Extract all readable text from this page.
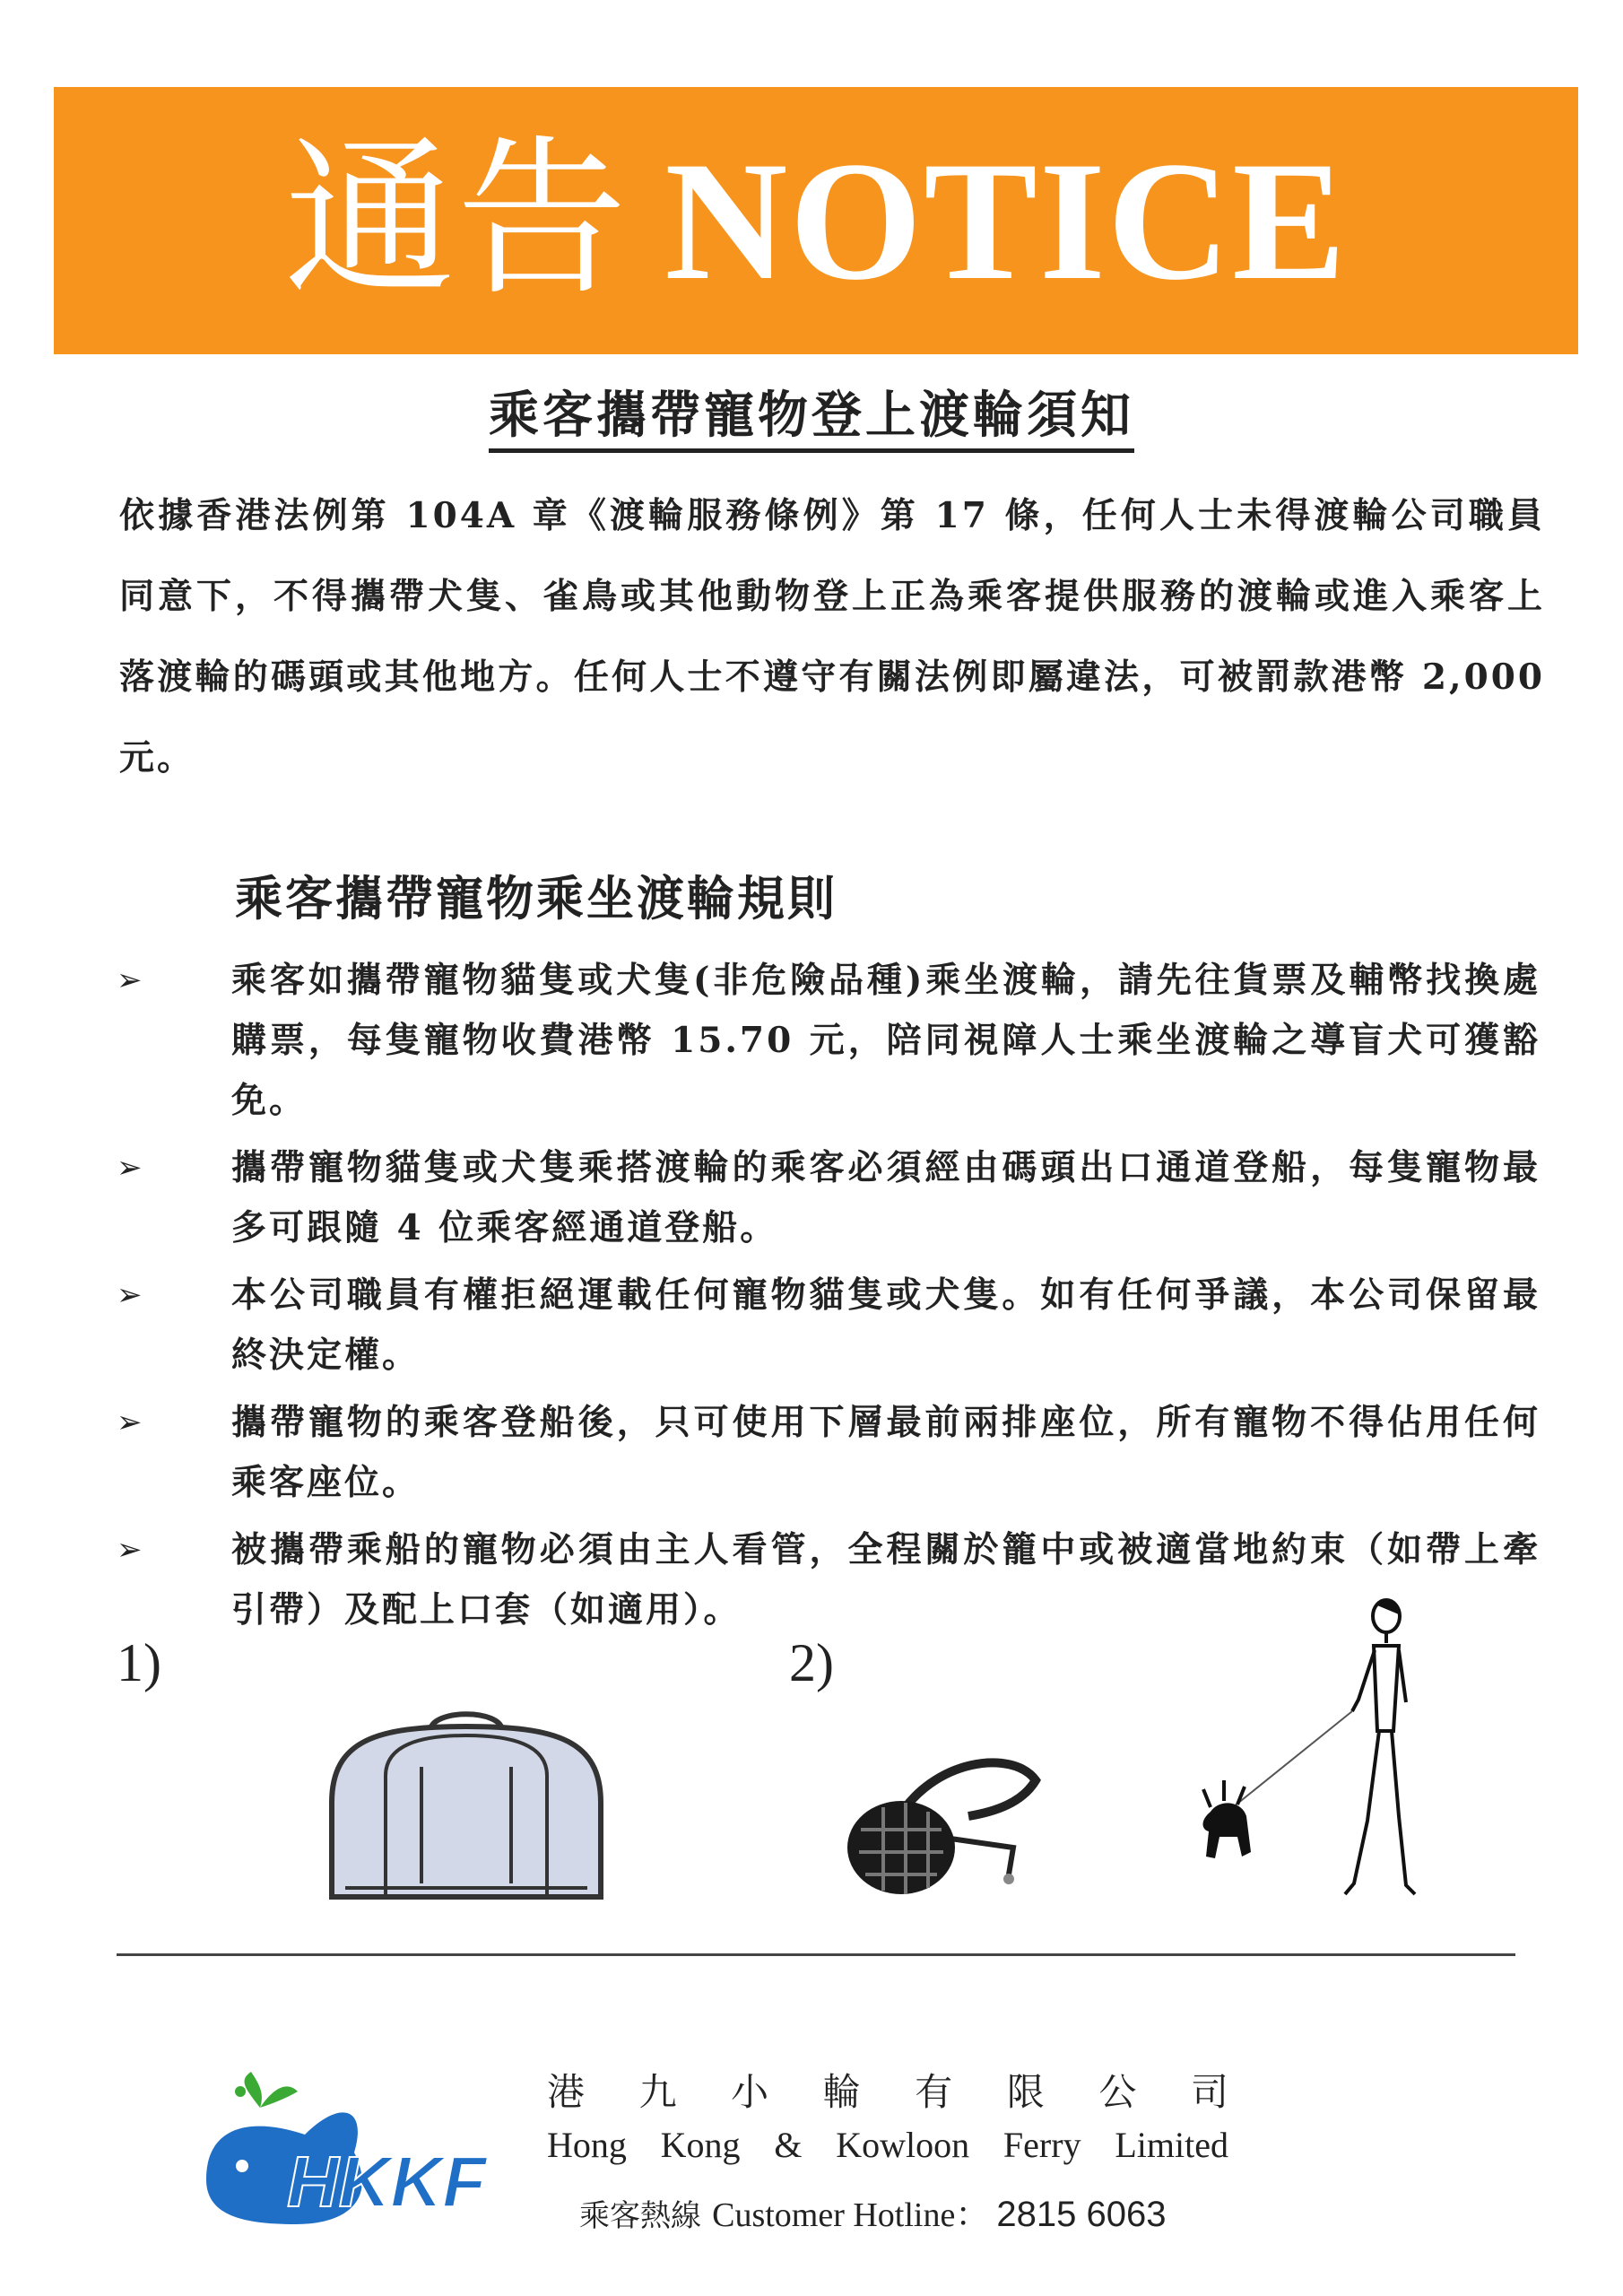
通告 NOTICE
乘客攜帶寵物登上渡輪須知
依據香港法例第 104A 章《渡輪服務條例》第 17 條，任何人士未得渡輪公司職員同意下，不得攜帶犬隻、雀鳥或其他動物登上正為乘客提供服務的渡輪或進入乘客上落渡輪的碼頭或其他地方。任何人士不遵守有關法例即屬違法，可被罰款港幣 2,000 元。
乘客攜帶寵物乘坐渡輪規則
➢	乘客如攜帶寵物貓隻或犬隻(非危險品種)乘坐渡輪，請先往貨票及輔幣找換處購票，每隻寵物收費港幣 15.70 元，陪同視障人士乘坐渡輪之導盲犬可獲豁免。
➢	攜帶寵物貓隻或犬隻乘搭渡輪的乘客必須經由碼頭出口通道登船，每隻寵物最多可跟隨 4 位乘客經通道登船。
➢	本公司職員有權拒絕運載任何寵物貓隻或犬隻。如有任何爭議，本公司保留最終決定權。
➢	攜帶寵物的乘客登船後，只可使用下層最前兩排座位，所有寵物不得佔用任何乘客座位。
➢	被攜帶乘船的寵物必須由主人看管，全程關於籠中或被適當地約束（如帶上牽引帶）及配上口套（如適用）。
1)	2)
HKKF
港九小輪有限公司
Hong Kong & Kowloon Ferry Limited
乘客熱線 Customer Hotline： 2815 6063
